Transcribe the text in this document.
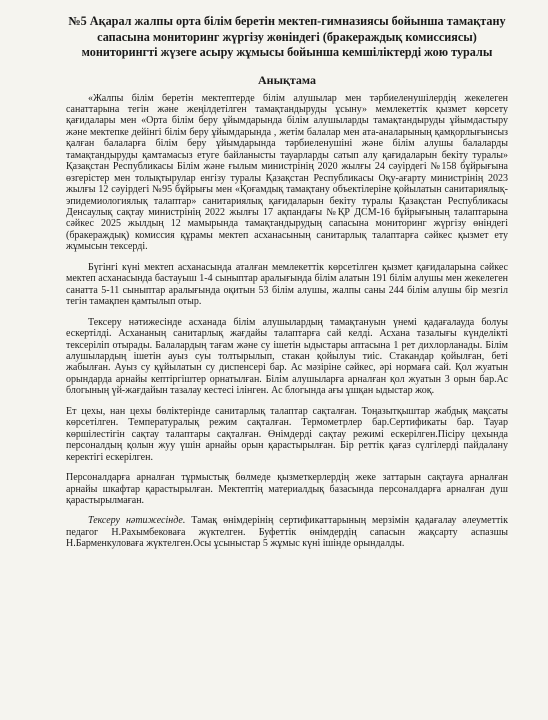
№5 Ақарал жалпы орта білім беретін мектеп-гимназиясы бойынша тамақтану сапасына мониторинг жүргізу жөніндегі (бракераждық комиссиясы) мониторингті жүзеге асыру жұмысы бойынша кемшіліктерді жою туралы
Анықтама

«Жалпы білім беретін мектептерде білім алушылар мен тәрбиеленушілердің жекелеген санаттарына тегін және жеңілдетілген тамақтандыруды ұсыну» мемлекеттік қызмет көрсету қағидалары мен «Орта білім беру ұйымдарында білім алушыларды тамақтандыруды ұйымдастыру және мектепке дейінгі білім беру ұйымдарында , жетім балалар мен ата-аналарының қамқорлығынсыз қалған балаларға білім беру ұйымдарында тәрбиеленушіні және білім алушы балаларды тамақтандыруды қамтамасыз етуге байланысты тауарларды сатып алу қағидаларын бекіту туралы» Қазақстан Республикасы Білім және ғылым министрінің 2020 жылғы 24 сәуірдегі №158 бұйрығына өзгерістер мен толықтырулар енгізу туралы Қазақстан Республикасы Оқу-ағарту министрінің 2023 жылғы 12 сәуірдегі №95 бұйрығы мен «Қоғамдық тамақтану объектілеріне қойылатын санитариялық-эпидемиологиялық талаптар» санитариялық қағидаларын бекіту туралы Қазақстан Республикасы Денсаулық сақтау министрінің 2022 жылғы 17 ақпандағы №ҚР ДСМ-16 бұйрығының талаптарына сәйкес 2025 жылдың 12 мамырында тамақтандырудың сапасына мониторинг жүргізу өніндегі (бракераждық) комиссия құрамы мектеп асханасының санитарлық талаптарға сәйкес қызмет ету жұмысын тексерді.

Бүгінгі күні мектеп асханасында аталған мемлекеттік көрсетілген қызмет қағидаларына сәйкес мектеп асханасында бастауыш 1-4 сыныптар аралығында білім алатын 191 білім алушы мен жекелеген санатта 5-11 сыныптар аралығында оқитын 53 білім алушы, жалпы саны 244 білім алушы бір мезгіл тегін тамақпен қамтылып отыр.

Тексеру нәтижесінде асханада білім алушылардың тамақтануын үнемі қадағалауда болуы ескертілді. Асхананың санитарлық жағдайы талаптарға сай келді. Асхана тазалығы күнделікті тексеріліп отырады. Балалардың тағам және су ішетін ыдыстары аптасына 1 рет дихлорланады. Білім алушылардың ішетін ауыз суы толтырылып, стакан қойылуы тиіс. Стакандар қойылған, беті жабылған. Ауыз су құйылатын су диспенсері бар. Ас мәзіріне сәйкес, әрі нормаға сай. Қол жуатын орындарда арнайы кептіргіштер орнатылған. Білім алушыларға арналған қол жуатын 3 орын бар.Ас блогының үй-жағдайын тазалау кестесі ілінген. Ас блогында ағы ұшқан ыдыстар жоқ.

Ет цехы, нан цехы бөліктерінде санитарлық талаптар сақталған. Тоңазытқыштар жабдық мақсаты көрсетілген. Температуралық режим сақталған. Термометрлер бар.Сертификаты бар. Тауар көршілестігін сақтау талаптары сақталған. Өнімдерді сақтау режимі ескерілген.Пісіру цехында персоналдың қолын жуу үшін арнайы орын қарастырылған. Бір реттік қағаз сүлгілерді пайдалану керектігі ескерілген.

Персоналдарға арналған тұрмыстық бөлмеде қызметкерлердің жеке заттарын сақтауға арналған арнайы шкафтар қарастырылған. Мектептің материалдық базасында персоналдарға арналған душ қарастырылмаған.

Тексеру нәтижесінде. Тамақ өнімдерінің сертификаттарының мерзімін қадағалау әлеуметтік педагог Н.Рахымбековаға жүктелген. Буфеттік өнімдердің сапасын жақсарту аспазшы Н.Барменкуловаға жүктелген.Осы ұсыныстар 5 жұмыс күні ішінде орындалды.
